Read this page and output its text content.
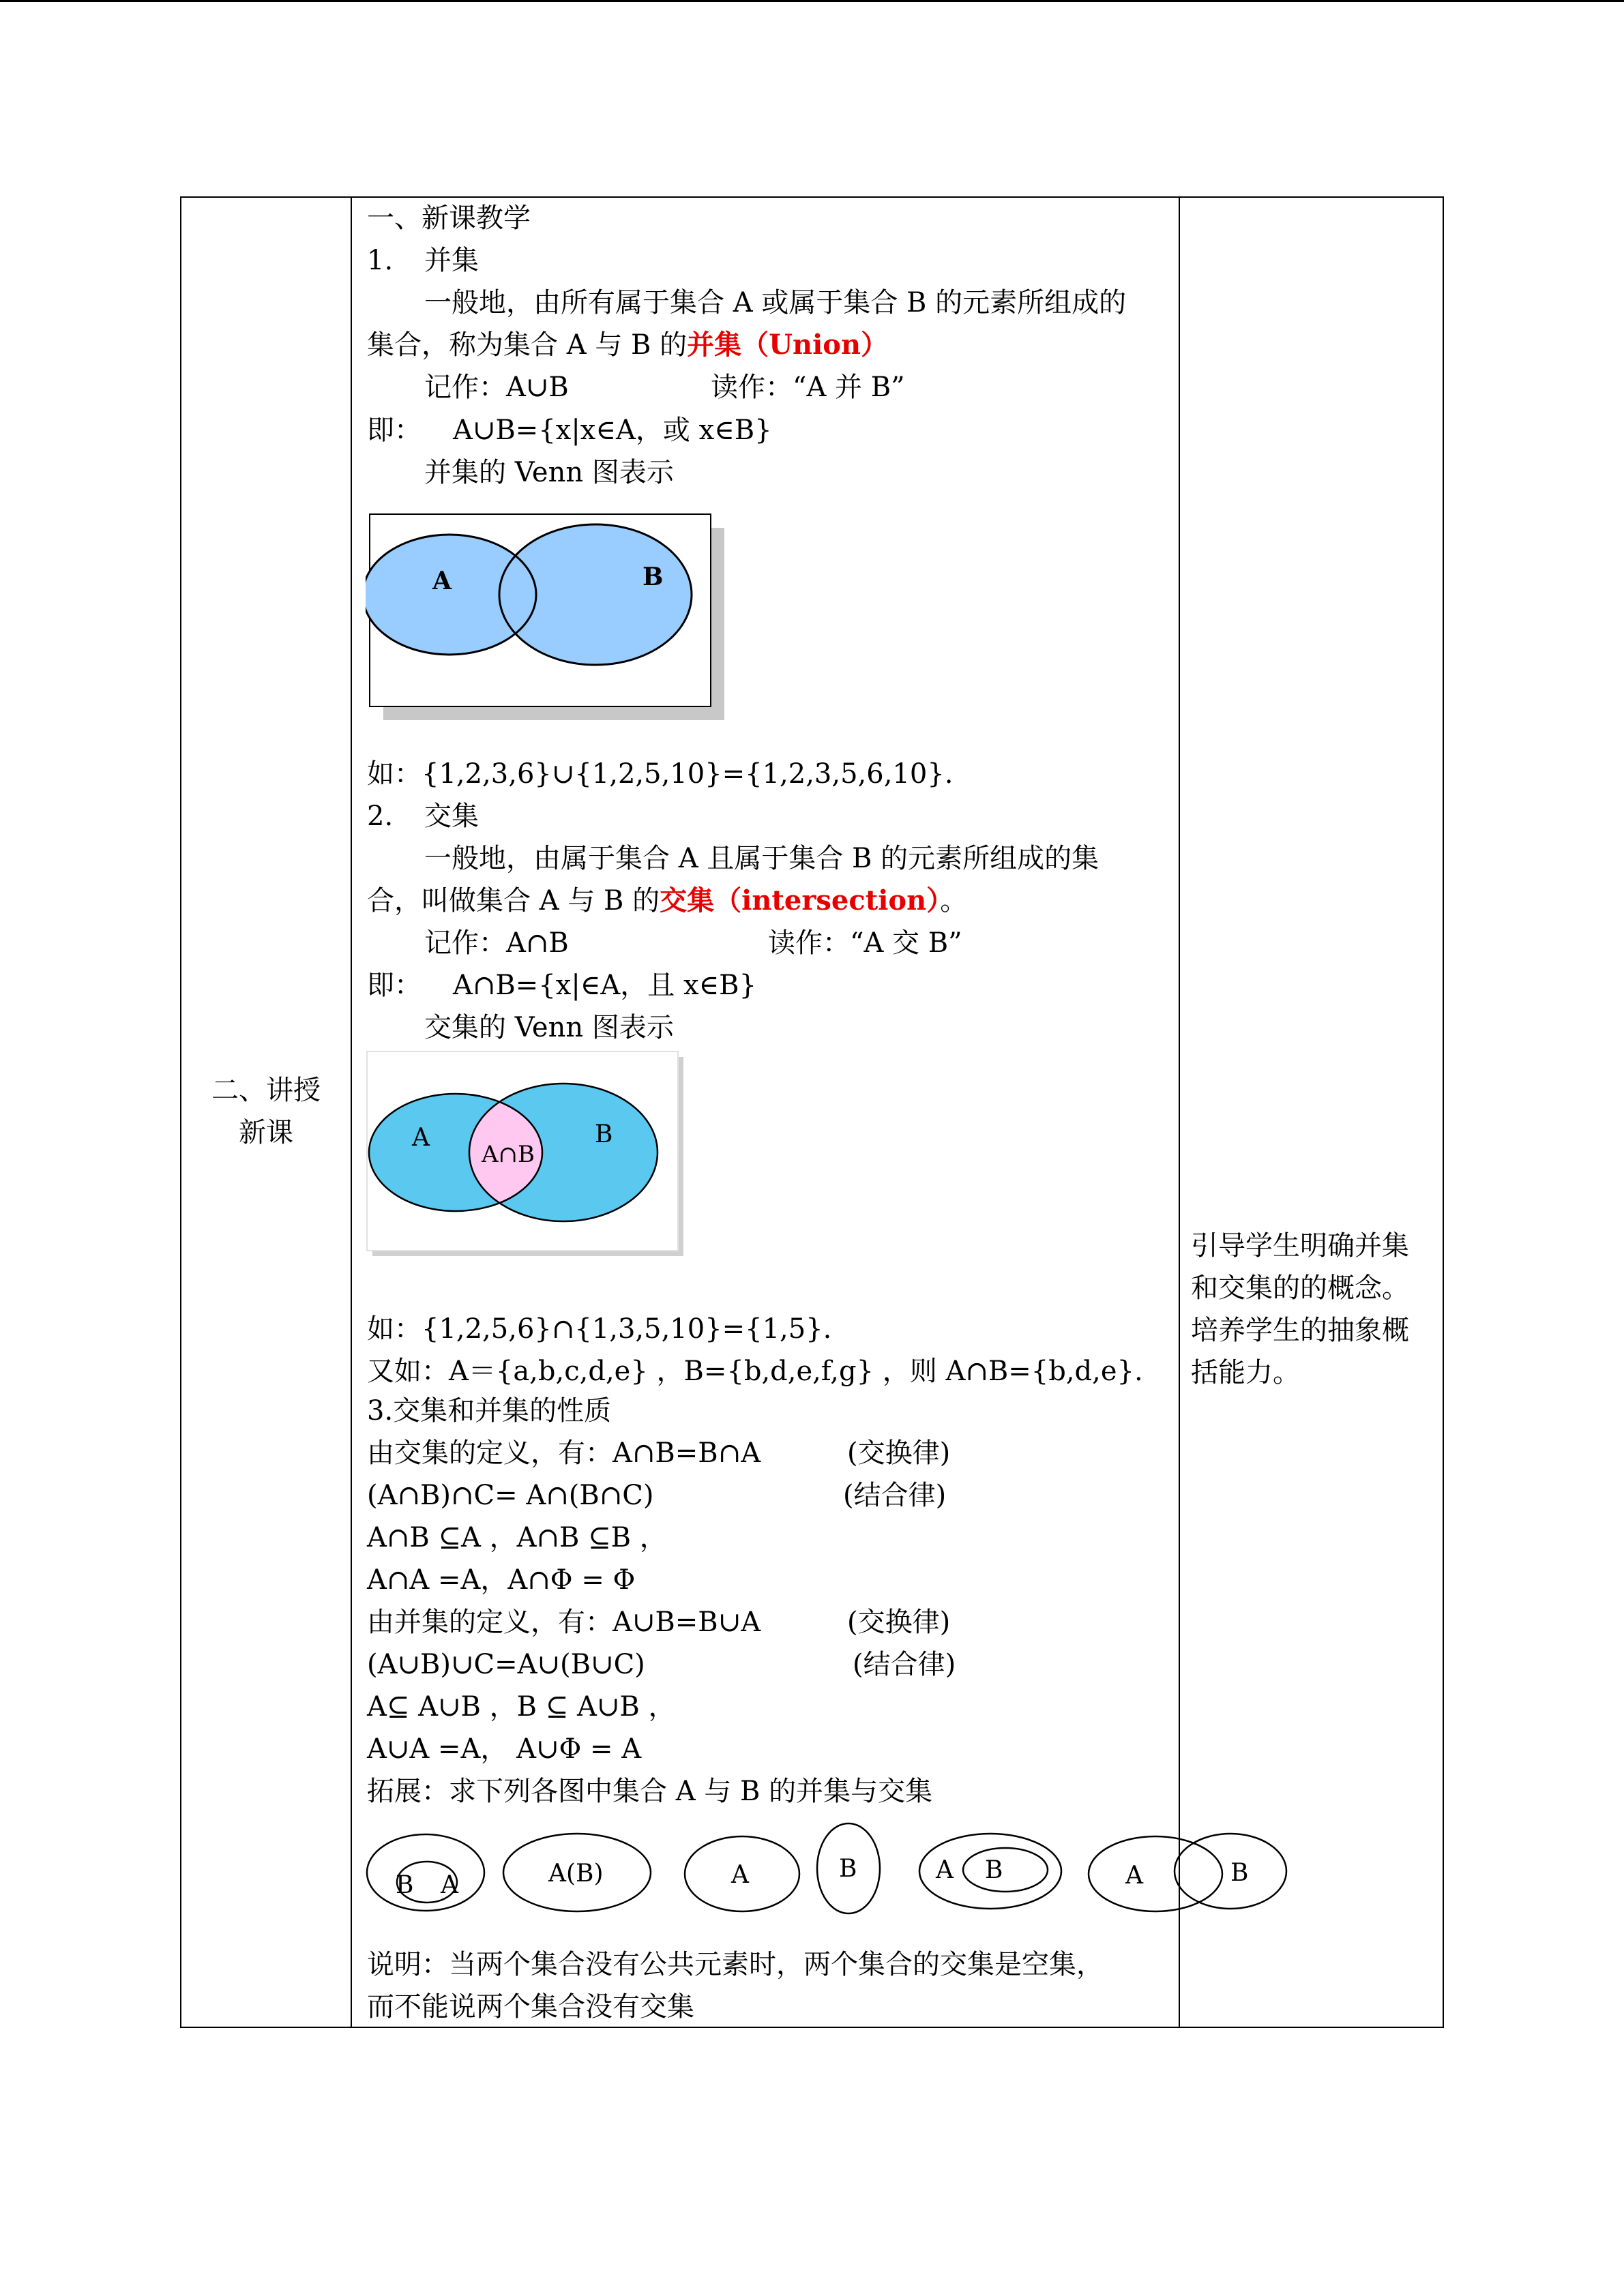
二、讲授
新课
引导学生明确并集
和交集的的概念。
培养学生的抽象概
括能力。
一、新课教学
1. 并集
一般地，由所有属于集合 A 或属于集合 B 的元素所组成的
集合，称为集合 A 与 B 的并集（Union）
记作：A∪B	读作：“A 并 B”
即： A∪B={x|x∈A，或 x∈B}
并集的 Venn 图表示
A	B
如：{1,2,3,6}∪{1,2,5,10}={1,2,3,5,6,10}.
2. 交集
一般地，由属于集合 A 且属于集合 B 的元素所组成的集
合，叫做集合 A 与 B 的交集（intersection）。
记作：A∩B	读作：“A 交 B”
即： A∩B={x|∈A，且 x∈B}
交集的 Venn 图表示
A	B
A∩B
如：{1,2,5,6}∩{1,3,5,10}={1,5}.
又如：A＝{a,b,c,d,e} ，B={b,d,e,f,g} ，则 A∩B={b,d,e}.
3.交集和并集的性质
由交集的定义，有：A∩B=B∩A	(交换律)
(A∩B)∩C= A∩(B∩C)	(结合律)
A∩B ⊆A ，A∩B ⊆B ，
A∩A =A，A∩Φ = Φ
由并集的定义，有：A∪B=B∪A	(交换律)
(A∪B)∪C=A∪(B∪C)	(结合律)
A⊆ A∪B ，B ⊆ A∪B ，
A∪A =A， A∪Φ = A
拓展：求下列各图中集合 A 与 B 的并集与交集
B A	A(B)	A	B	A B	A	B
说明：当两个集合没有公共元素时，两个集合的交集是空集，
而不能说两个集合没有交集
